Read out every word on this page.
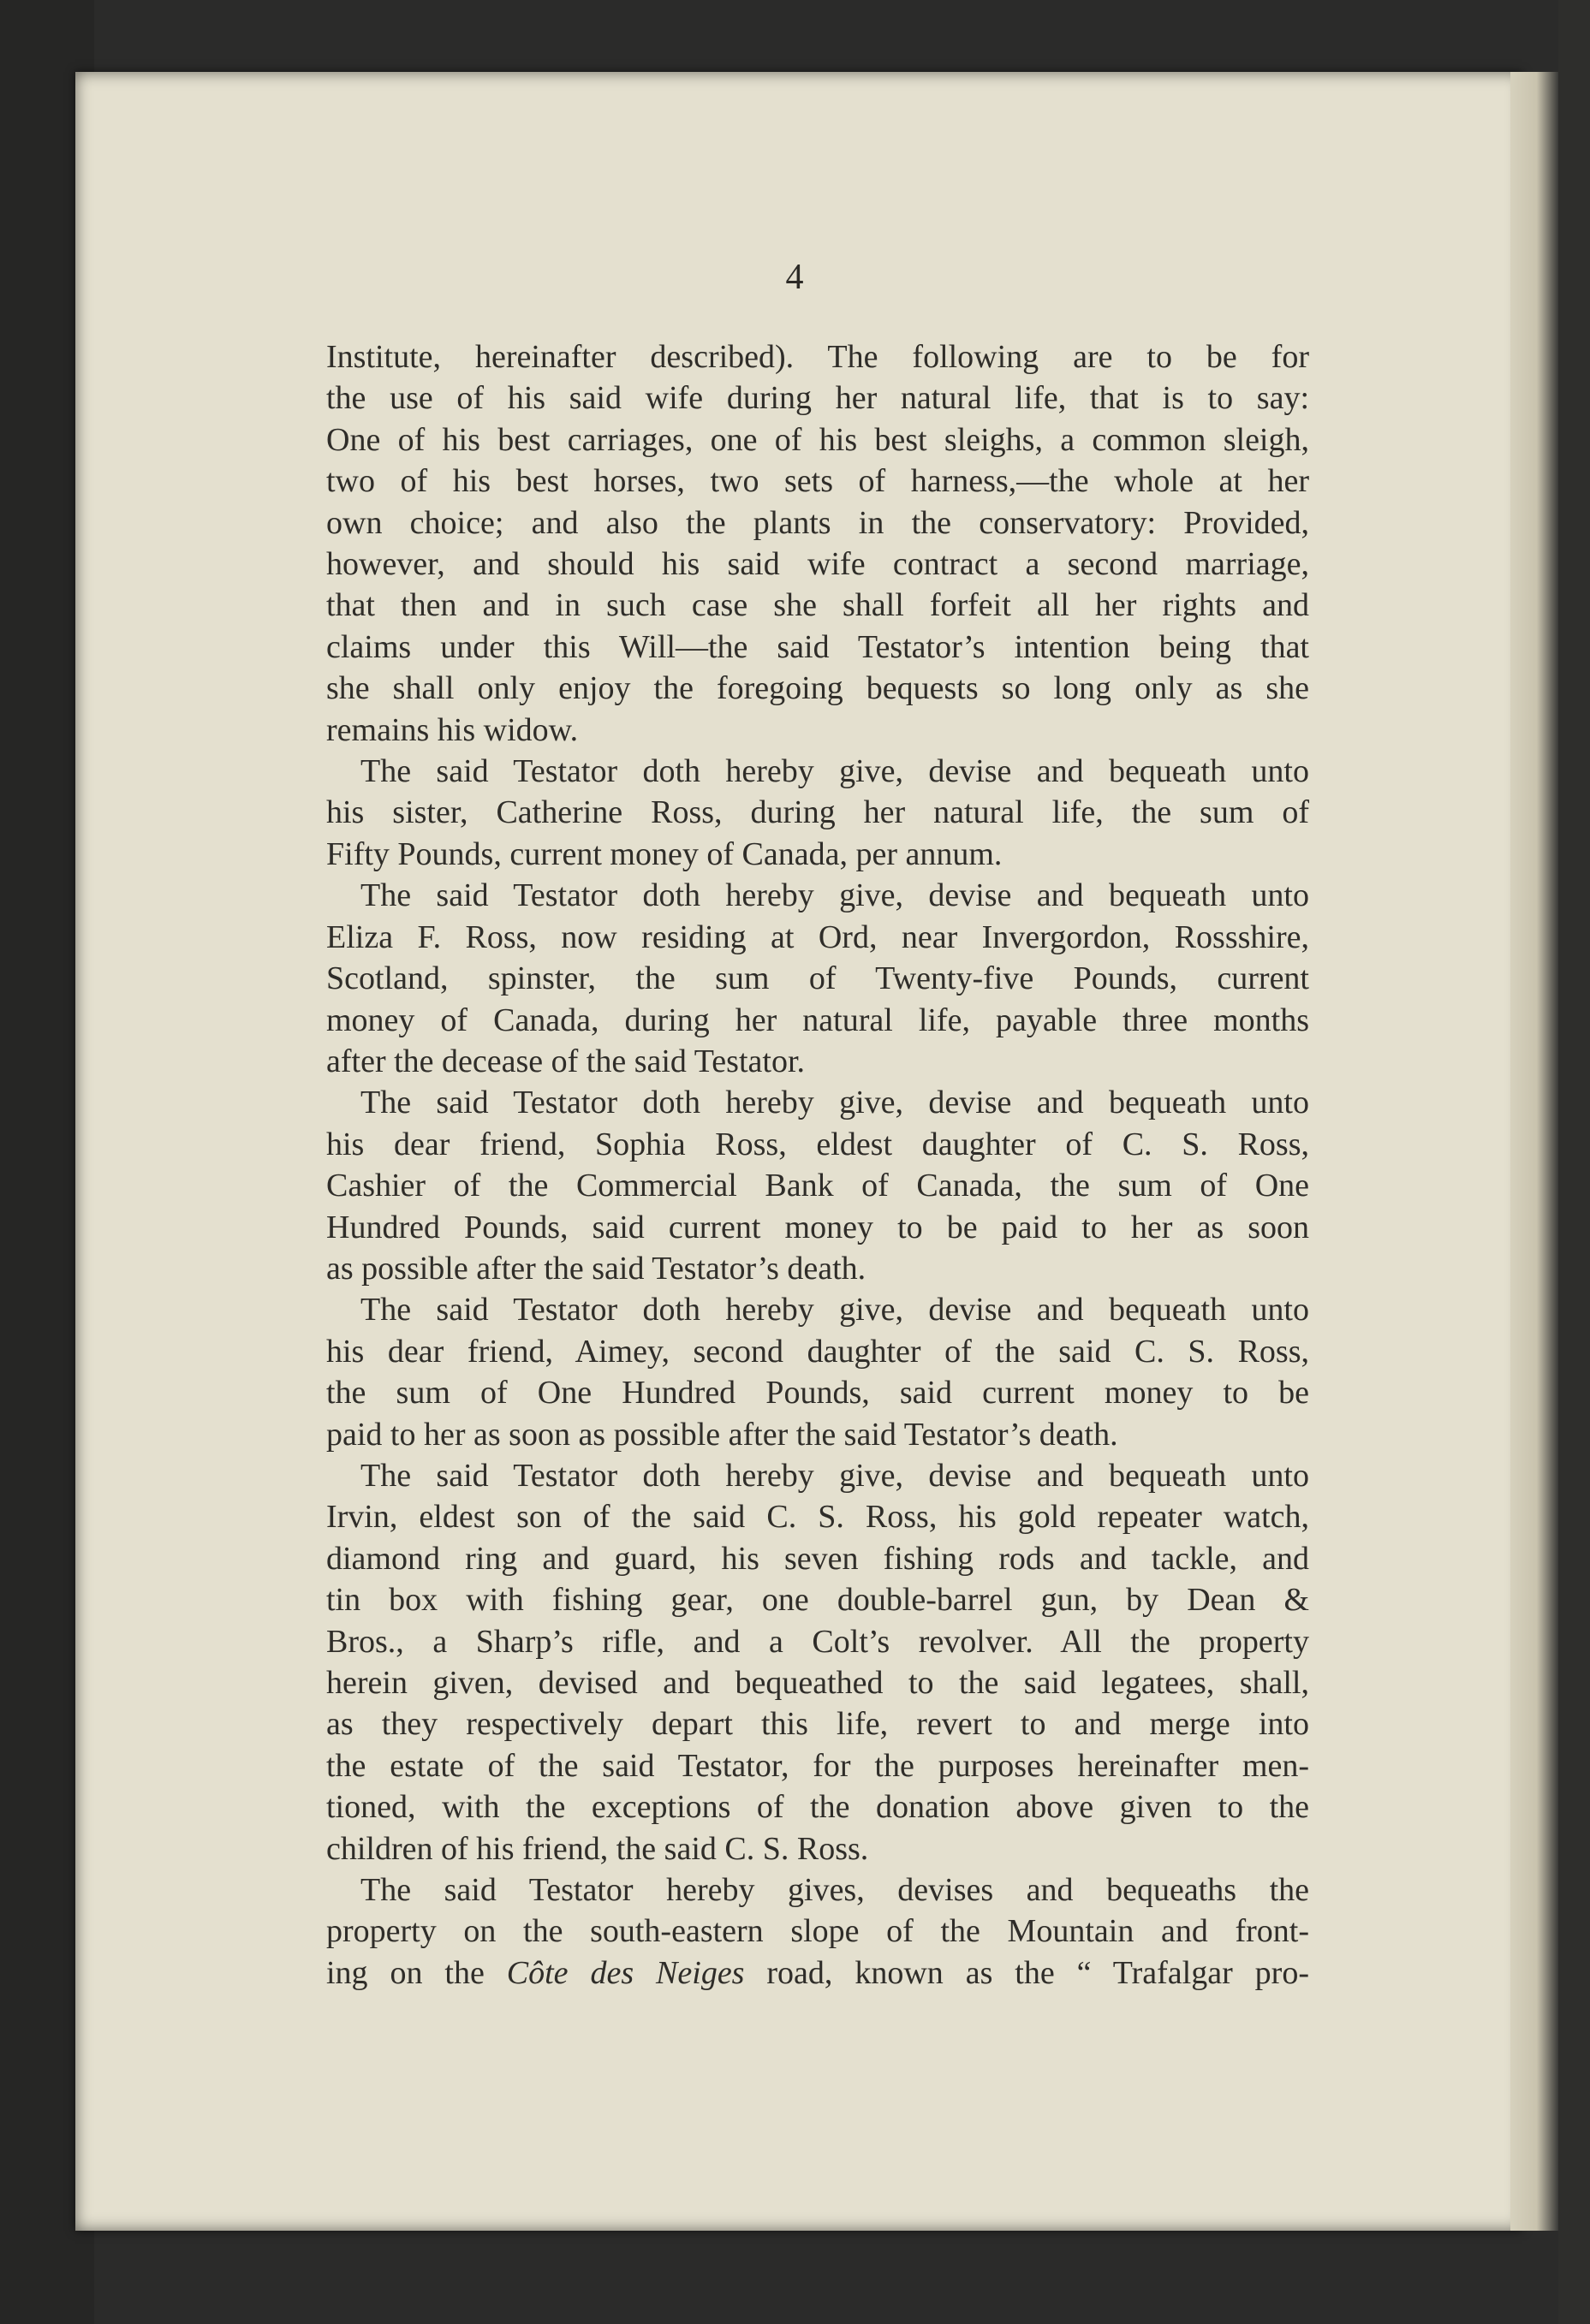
4
Institute, hereinafter described). The following are to be for
the use of his said wife during her natural life, that is to say:
One of his best carriages, one of his best sleighs, a common sleigh,
two of his best horses, two sets of harness,—the whole at her
own choice; and also the plants in the conservatory: Provided,
however, and should his said wife contract a second marriage,
that then and in such case she shall forfeit all her rights and
claims under this Will—the said Testator’s intention being that
she shall only enjoy the foregoing bequests so long only as she
remains his widow.
The said Testator doth hereby give, devise and bequeath unto
his sister, Catherine Ross, during her natural life, the sum of
Fifty Pounds, current money of Canada, per annum.
The said Testator doth hereby give, devise and bequeath unto
Eliza F. Ross, now residing at Ord, near Invergordon, Rossshire,
Scotland, spinster, the sum of Twenty-five Pounds, current
money of Canada, during her natural life, payable three months
after the decease of the said Testator.
The said Testator doth hereby give, devise and bequeath unto
his dear friend, Sophia Ross, eldest daughter of C. S. Ross,
Cashier of the Commercial Bank of Canada, the sum of One
Hundred Pounds, said current money to be paid to her as soon
as possible after the said Testator’s death.
The said Testator doth hereby give, devise and bequeath unto
his dear friend, Aimey, second daughter of the said C. S. Ross,
the sum of One Hundred Pounds, said current money to be
paid to her as soon as possible after the said Testator’s death.
The said Testator doth hereby give, devise and bequeath unto
Irvin, eldest son of the said C. S. Ross, his gold repeater watch,
diamond ring and guard, his seven fishing rods and tackle, and
tin box with fishing gear, one double-barrel gun, by Dean &
Bros., a Sharp’s rifle, and a Colt’s revolver. All the property
herein given, devised and bequeathed to the said legatees, shall,
as they respectively depart this life, revert to and merge into
the estate of the said Testator, for the purposes hereinafter men-
tioned, with the exceptions of the donation above given to the
children of his friend, the said C. S. Ross.
The said Testator hereby gives, devises and bequeaths the
property on the south-eastern slope of the Mountain and front-
ing on the Côte des Neiges road, known as the “ Trafalgar pro-
